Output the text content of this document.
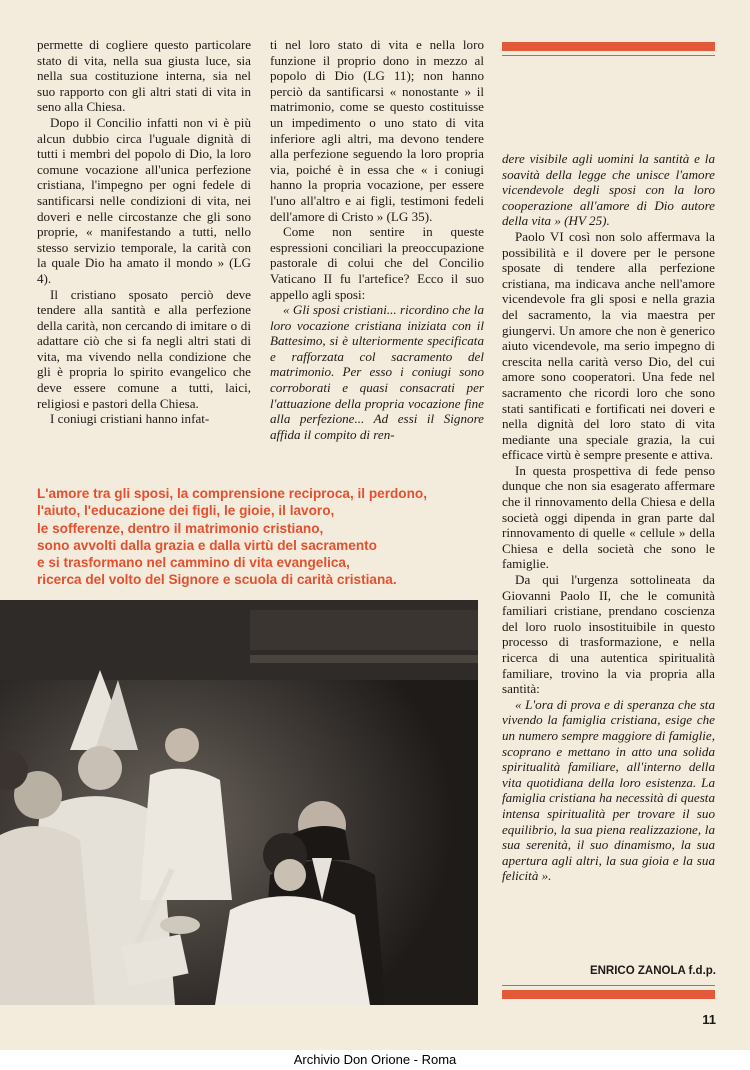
permette di cogliere questo particolare stato di vita, nella sua giusta luce, sia nella sua costituzione interna, sia nel suo rapporto con gli altri stati di vita in seno alla Chiesa.

Dopo il Concilio infatti non vi è più alcun dubbio circa l'uguale dignità di tutti i membri del popolo di Dio, la loro comune vocazione all'unica perfezione cristiana, l'impegno per ogni fedele di santificarsi nelle condizioni di vita, nei doveri e nelle circostanze che gli sono proprie, « manifestando a tutti, nello stesso servizio temporale, la carità con la quale Dio ha amato il mondo » (LG 4).

Il cristiano sposato perciò deve tendere alla santità e alla perfezione della carità, non cercando di imitare o di adattare ciò che si fa negli altri stati di vita, ma vivendo nella condizione che gli è propria lo spirito evangelico che deve essere comune a tutti, laici, religiosi e pastori della Chiesa.

I coniugi cristiani hanno infat-

ti nel loro stato di vita e nella loro funzione il proprio dono in mezzo al popolo di Dio (LG 11); non hanno perciò da santificarsi « nonostante » il matrimonio, come se questo costituisse un impedimento o uno stato di vita inferiore agli altri, ma devono tendere alla perfezione seguendo la loro propria via, poiché è in essa che « i coniugi hanno la propria vocazione, per essere l'uno all'altro e ai figli, testimoni fedeli dell'amore di Cristo » (LG 35).

Come non sentire in queste espressioni conciliari la preoccupazione pastorale di colui che del Concilio Vaticano II fu l'artefice? Ecco il suo appello agli sposi:

« Gli sposi cristiani... ricordino che la loro vocazione cristiana iniziata con il Battesimo, si è ulteriormente specificata e rafforzata col sacramento del matrimonio. Per esso i coniugi sono corroborati e quasi consacrati per l'attuazione della propria vocazione fine alla perfezione... Ad essi il Signore affida il compito di ren-

dere visibile agli uomini la santità e la soavità della legge che unisce l'amore vicendevole degli sposi con la loro cooperazione all'amore di Dio autore della vita » (HV 25).

Paolo VI così non solo affermava la possibilità e il dovere per le persone sposate di tendere alla perfezione cristiana, ma indicava anche nell'amore vicendevole fra gli sposi e nella grazia del sacramento, la via maestra per giungervi. Un amore che non è generico aiuto vicendevole, ma serio impegno di crescita nella carità verso Dio, del cui amore sono cooperatori. Una fede nel sacramento che ricordi loro che sono stati santificati e fortificati nei doveri e nella dignità del loro stato di vita mediante una speciale grazia, la cui efficace virtù è sempre presente e attiva.

In questa prospettiva di fede penso dunque che non sia esagerato affermare che il rinnovamento della Chiesa e della società oggi dipenda in gran parte dal rinnovamento di quelle « cellule » della Chiesa e della società che sono le famiglie.

Da qui l'urgenza sottolineata da Giovanni Paolo II, che le comunità familiari cristiane, prendano coscienza del loro ruolo insostituibile in questo processo di trasformazione, e nella ricerca di una autentica spiritualità familiare, trovino la via propria alla santità:

« L'ora di prova e di speranza che sta vivendo la famiglia cristiana, esige che un numero sempre maggiore di famiglie, scoprano e mettano in atto una solida spiritualità familiare, all'interno della vita quotidiana della loro esistenza. La famiglia cristiana ha necessità di questa intensa spiritualità per trovare il suo equilibrio, la sua piena realizzazione, la sua serenità, il suo dinamismo, la sua apertura agli altri, la sua gioia e la sua felicità ».

L'amore tra gli sposi, la comprensione reciproca, il perdono,
l'aiuto, l'educazione dei figli, le gioie, il lavoro,
le sofferenze, dentro il matrimonio cristiano,
sono avvolti dalla grazia e dalla virtù del sacramento
e si trasformano nel cammino di vita evangelica,
ricerca del volto del Signore e scuola di carità cristiana.
ENRICO ZANOLA f.d.p.
11
Archivio Don Orione - Roma
